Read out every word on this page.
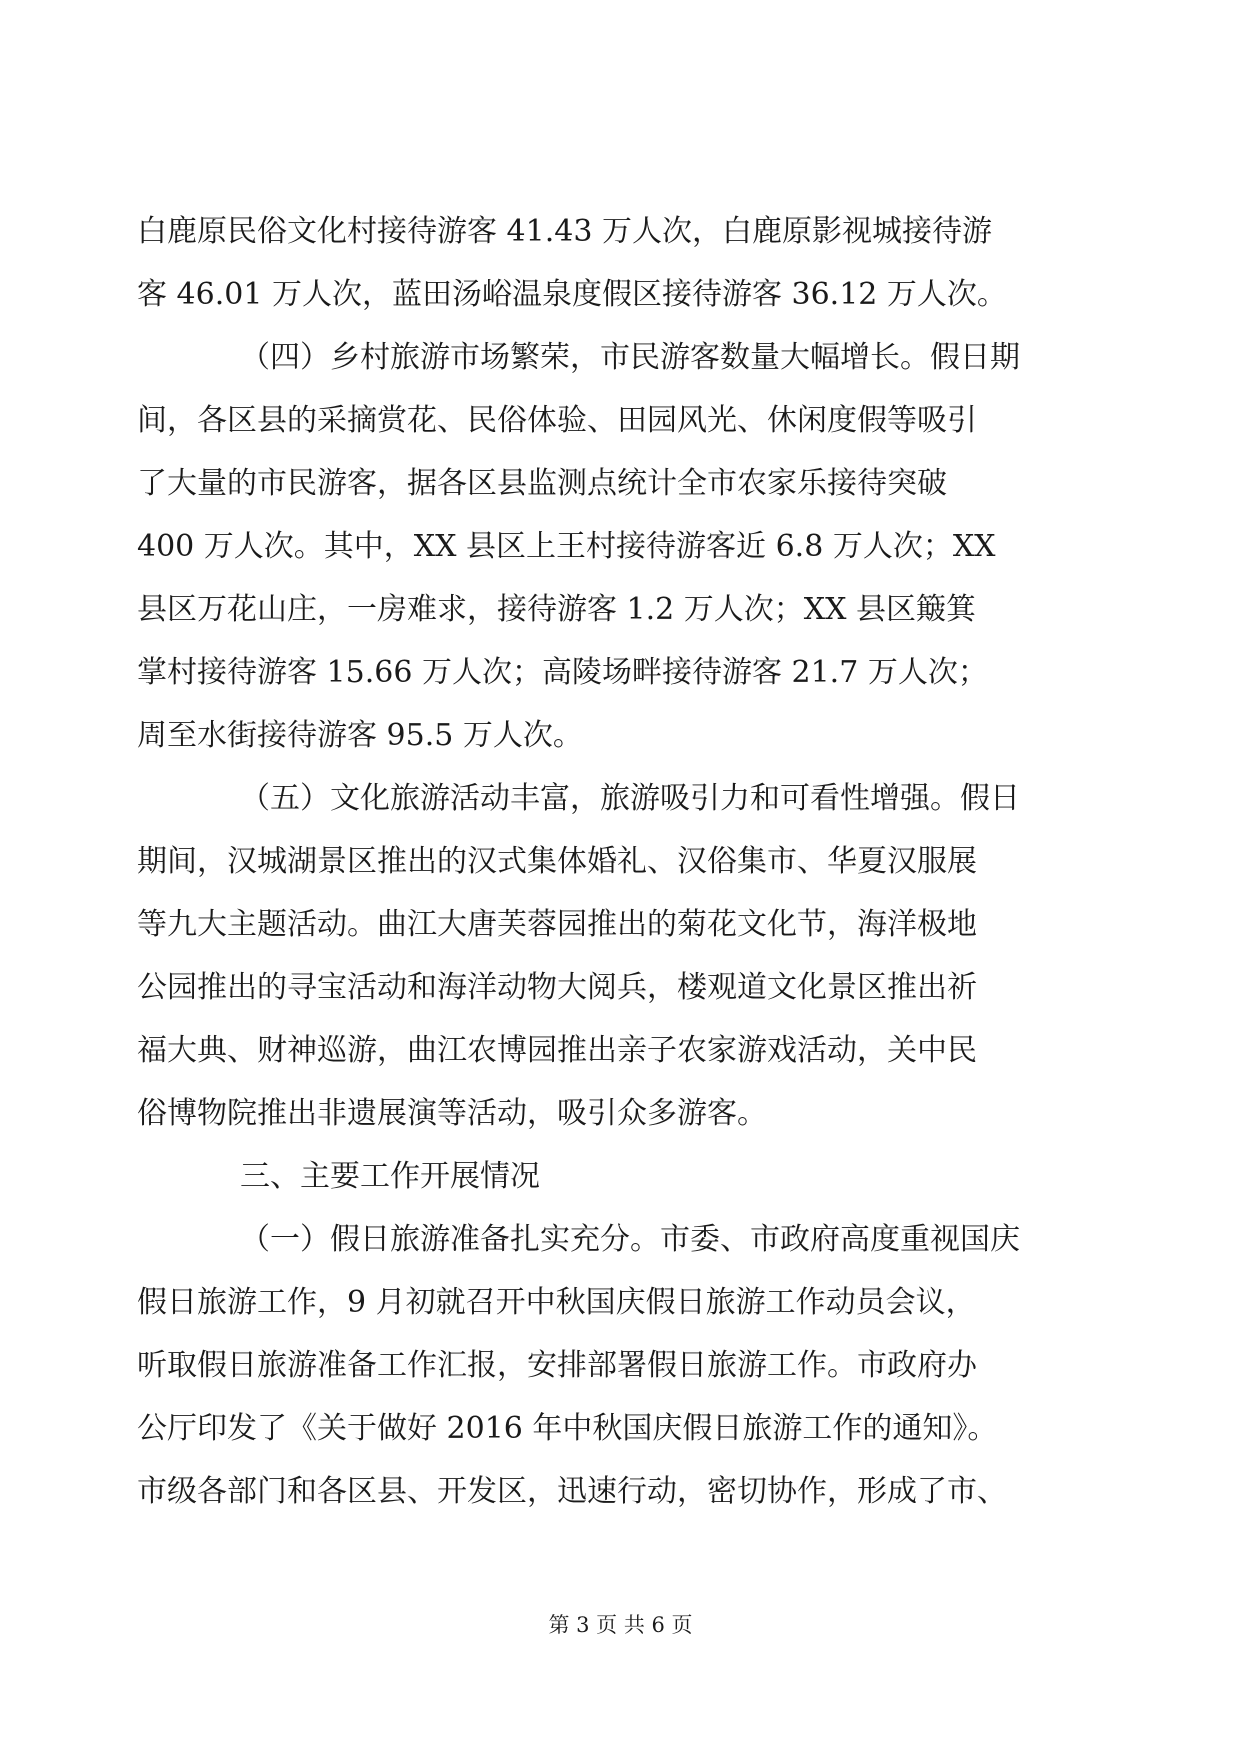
白鹿原民俗文化村接待游客 41.43 万人次，白鹿原影视城接待游
客 46.01 万人次，蓝田汤峪温泉度假区接待游客 36.12 万人次。
（四）乡村旅游市场繁荣，市民游客数量大幅增长。假日期
间，各区县的采摘赏花、民俗体验、田园风光、休闲度假等吸引
了大量的市民游客，据各区县监测点统计全市农家乐接待突破
400 万人次。其中，XX 县区上王村接待游客近 6.8 万人次；XX
县区万花山庄，一房难求，接待游客 1.2 万人次；XX 县区簸箕
掌村接待游客 15.66 万人次；高陵场畔接待游客 21.7 万人次；
周至水街接待游客 95.5 万人次。
（五）文化旅游活动丰富，旅游吸引力和可看性增强。假日
期间，汉城湖景区推出的汉式集体婚礼、汉俗集市、华夏汉服展
等九大主题活动。曲江大唐芙蓉园推出的菊花文化节，海洋极地
公园推出的寻宝活动和海洋动物大阅兵，楼观道文化景区推出祈
福大典、财神巡游，曲江农博园推出亲子农家游戏活动，关中民
俗博物院推出非遗展演等活动，吸引众多游客。
三、主要工作开展情况
（一）假日旅游准备扎实充分。市委、市政府高度重视国庆
假日旅游工作，9 月初就召开中秋国庆假日旅游工作动员会议，
听取假日旅游准备工作汇报，安排部署假日旅游工作。市政府办
公厅印发了《关于做好 2016 年中秋国庆假日旅游工作的通知》。
市级各部门和各区县、开发区，迅速行动，密切协作，形成了市、
第 3 页 共 6 页
